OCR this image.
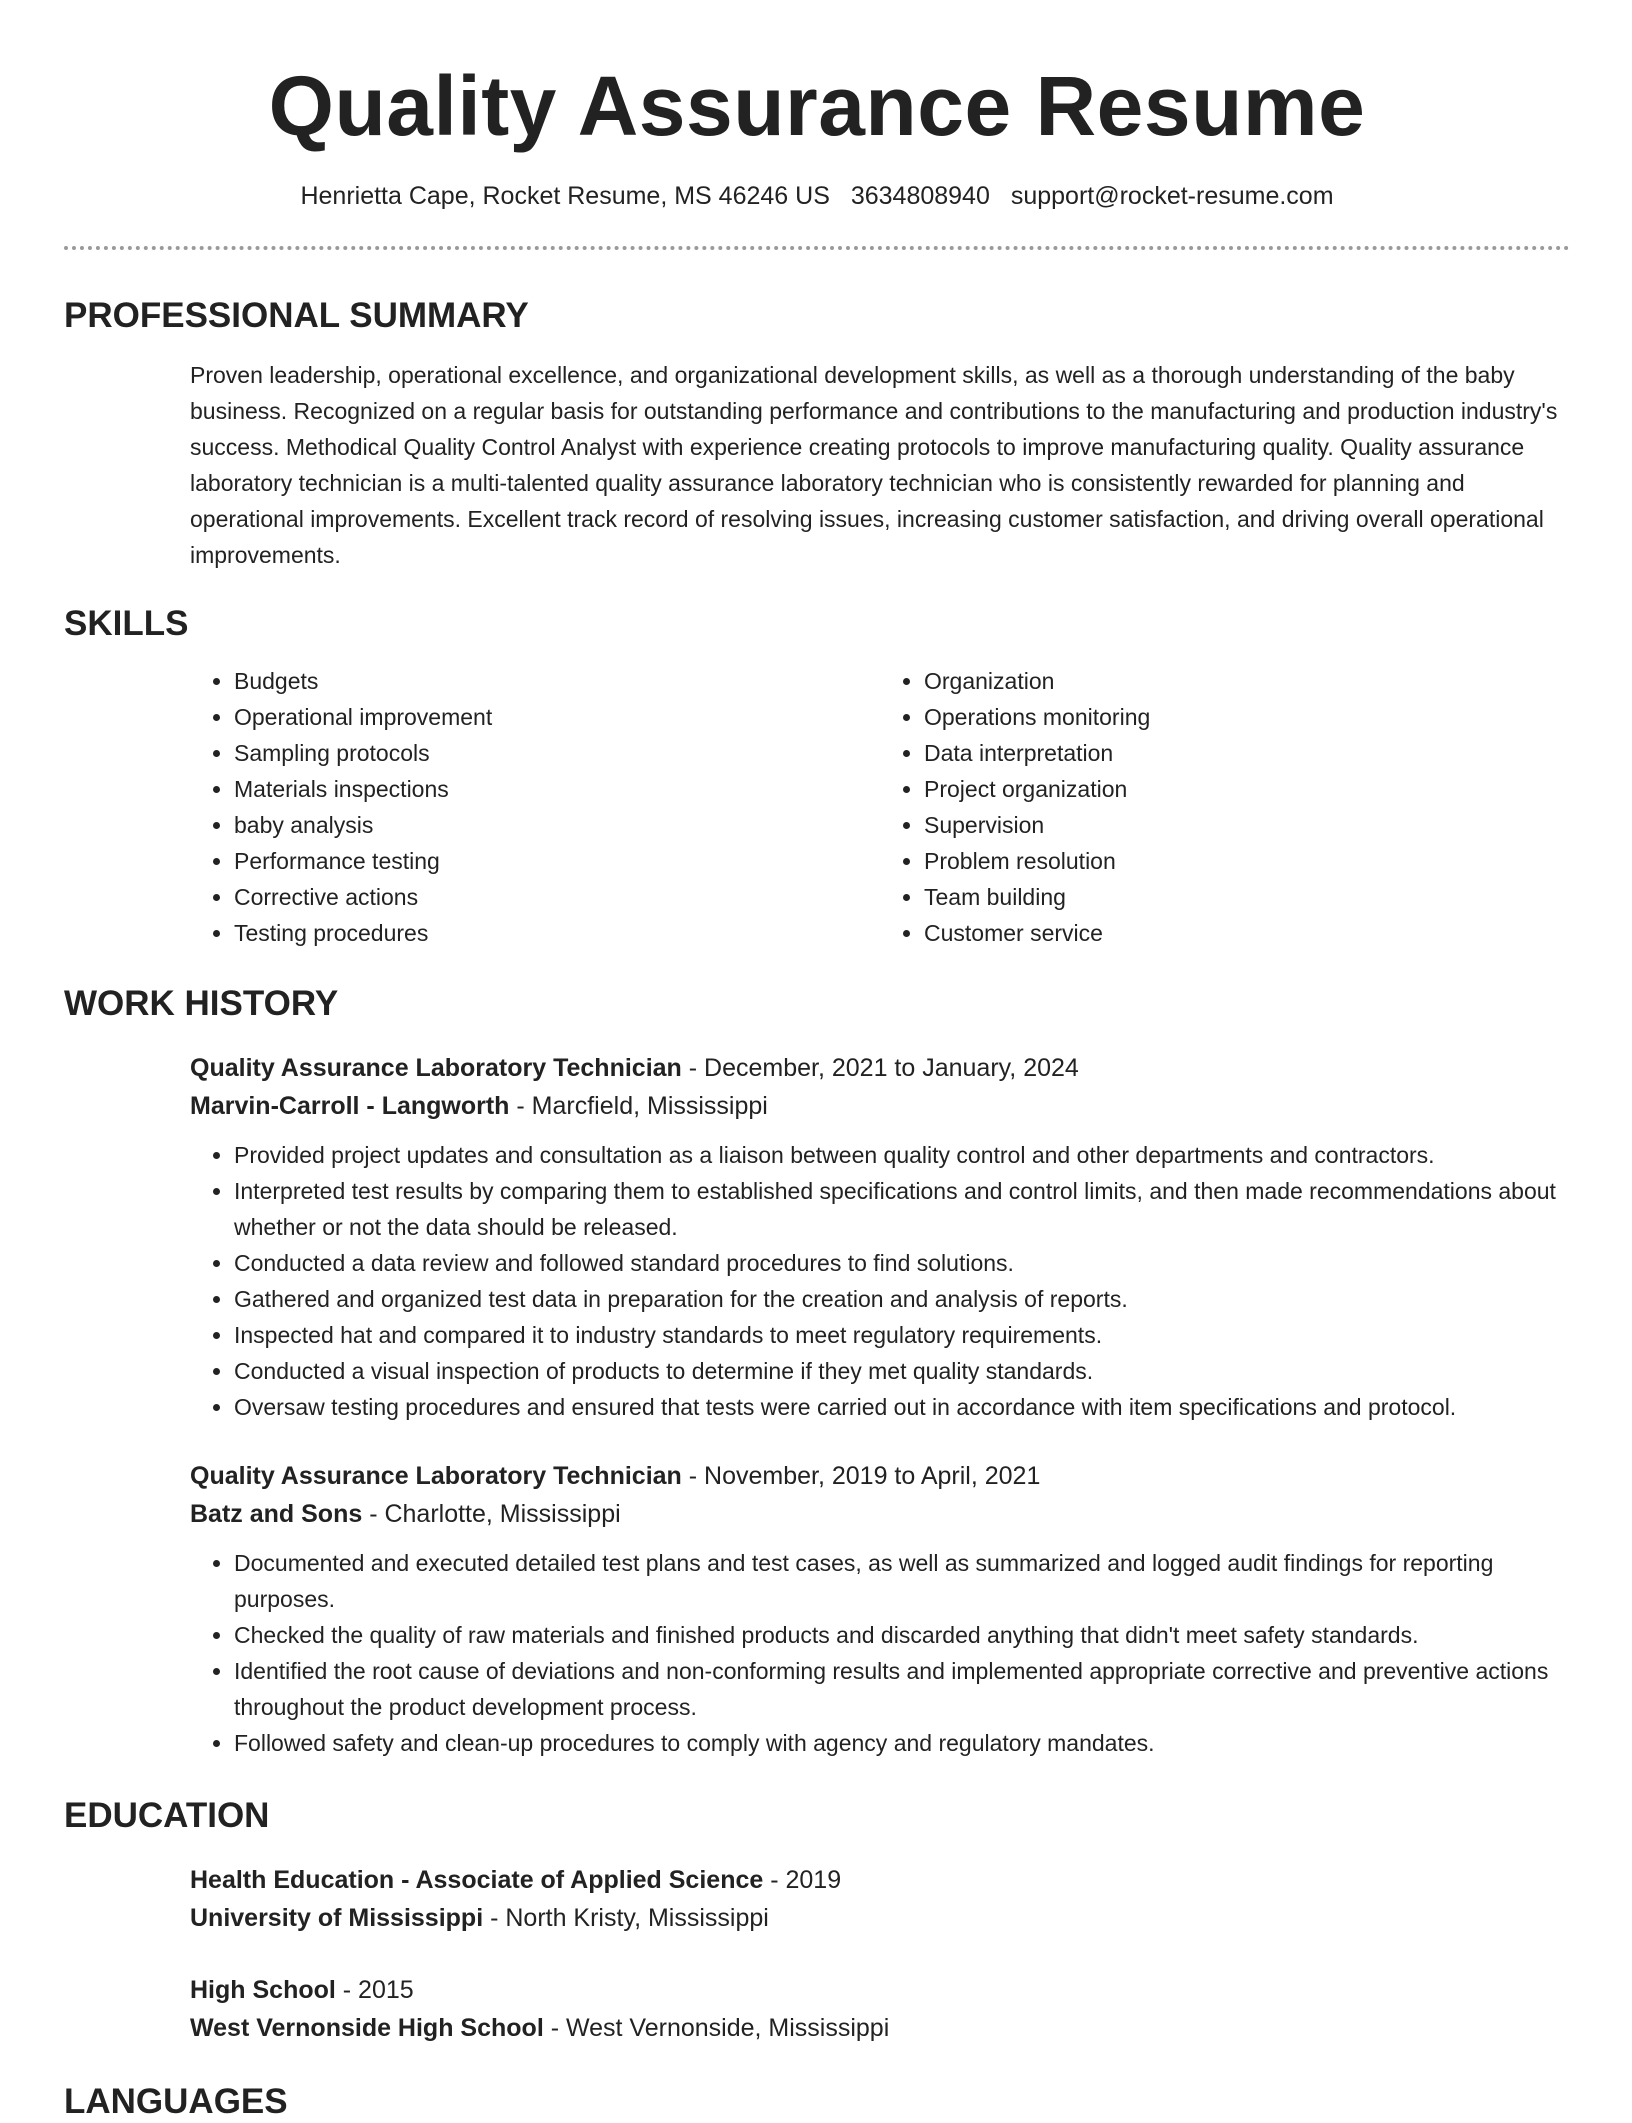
Quality Assurance Resume
Henrietta Cape, Rocket Resume, MS 46246 US 3634808940 support@rocket-resume.com
PROFESSIONAL SUMMARY
Proven leadership, operational excellence, and organizational development skills, as well as a thorough understanding of the baby business. Recognized on a regular basis for outstanding performance and contributions to the manufacturing and production industry's success. Methodical Quality Control Analyst with experience creating protocols to improve manufacturing quality. Quality assurance laboratory technician is a multi-talented quality assurance laboratory technician who is consistently rewarded for planning and operational improvements. Excellent track record of resolving issues, increasing customer satisfaction, and driving overall operational improvements.
SKILLS
• Budgets
• Operational improvement
• Sampling protocols
• Materials inspections
• baby analysis
• Performance testing
• Corrective actions
• Testing procedures
• Organization
• Operations monitoring
• Data interpretation
• Project organization
• Supervision
• Problem resolution
• Team building
• Customer service
WORK HISTORY
Quality Assurance Laboratory Technician - December, 2021 to January, 2024
Marvin-Carroll - Langworth - Marcfield, Mississippi
• Provided project updates and consultation as a liaison between quality control and other departments and contractors.
• Interpreted test results by comparing them to established specifications and control limits, and then made recommendations about whether or not the data should be released.
• Conducted a data review and followed standard procedures to find solutions.
• Gathered and organized test data in preparation for the creation and analysis of reports.
• Inspected hat and compared it to industry standards to meet regulatory requirements.
• Conducted a visual inspection of products to determine if they met quality standards.
• Oversaw testing procedures and ensured that tests were carried out in accordance with item specifications and protocol.
Quality Assurance Laboratory Technician - November, 2019 to April, 2021
Batz and Sons - Charlotte, Mississippi
• Documented and executed detailed test plans and test cases, as well as summarized and logged audit findings for reporting purposes.
• Checked the quality of raw materials and finished products and discarded anything that didn't meet safety standards.
• Identified the root cause of deviations and non-conforming results and implemented appropriate corrective and preventive actions throughout the product development process.
• Followed safety and clean-up procedures to comply with agency and regulatory mandates.
EDUCATION
Health Education - Associate of Applied Science - 2019
University of Mississippi - North Kristy, Mississippi
High School - 2015
West Vernonside High School - West Vernonside, Mississippi
LANGUAGES
